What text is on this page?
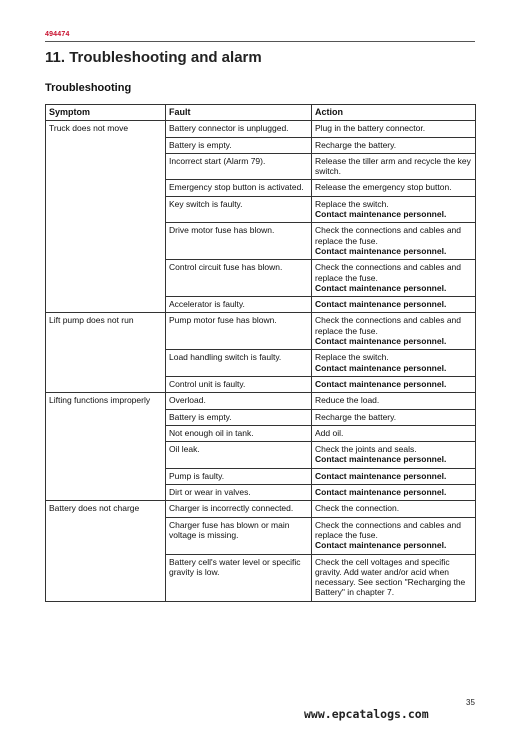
494474
11. Troubleshooting and alarm
Troubleshooting
Symptom	Fault	Action
Truck does not move	Battery connector is unplugged.	Plug in the battery connector.
	Battery is empty.	Recharge the battery.
	Incorrect start (Alarm 79).	Release the tiller arm and recycle the key switch.
	Emergency stop button is activated.	Release the emergency stop button.
	Key switch is faulty.	Replace the switch.
Contact maintenance personnel.

	Drive motor fuse has blown.	Check the connections and cables and replace the fuse.
Contact maintenance personnel.

	Control circuit fuse has blown.	Check the connections and cables and replace the fuse.
Contact maintenance personnel.

	Accelerator is faulty.	Contact maintenance personnel.

Lift pump does not run	Pump motor fuse has blown.	Check the connections and cables and replace the fuse.
Contact maintenance personnel.

	Load handling switch is faulty.	Replace the switch.
Contact maintenance personnel.

	Control unit is faulty.	Contact maintenance personnel.

Lifting functions improperly	Overload.	Reduce the load.
	Battery is empty.	Recharge the battery.
	Not enough oil in tank.	Add oil.
	Oil leak.	Check the joints and seals.
Contact maintenance personnel.

	Pump is faulty.	Contact maintenance personnel.

	Dirt or wear in valves.	Contact maintenance personnel.

Battery does not charge	Charger is incorrectly connected.	Check the connection.
	Charger fuse has blown or main voltage is missing.	Check the connections and cables and replace the fuse.
Contact maintenance personnel.

	Battery cell's water level or specific gravity is low.	Check the cell voltages and specific gravity. Add water and/or acid when necessary. See section "Recharging the Battery" in chapter 7.
35
www.epcatalogs.com
